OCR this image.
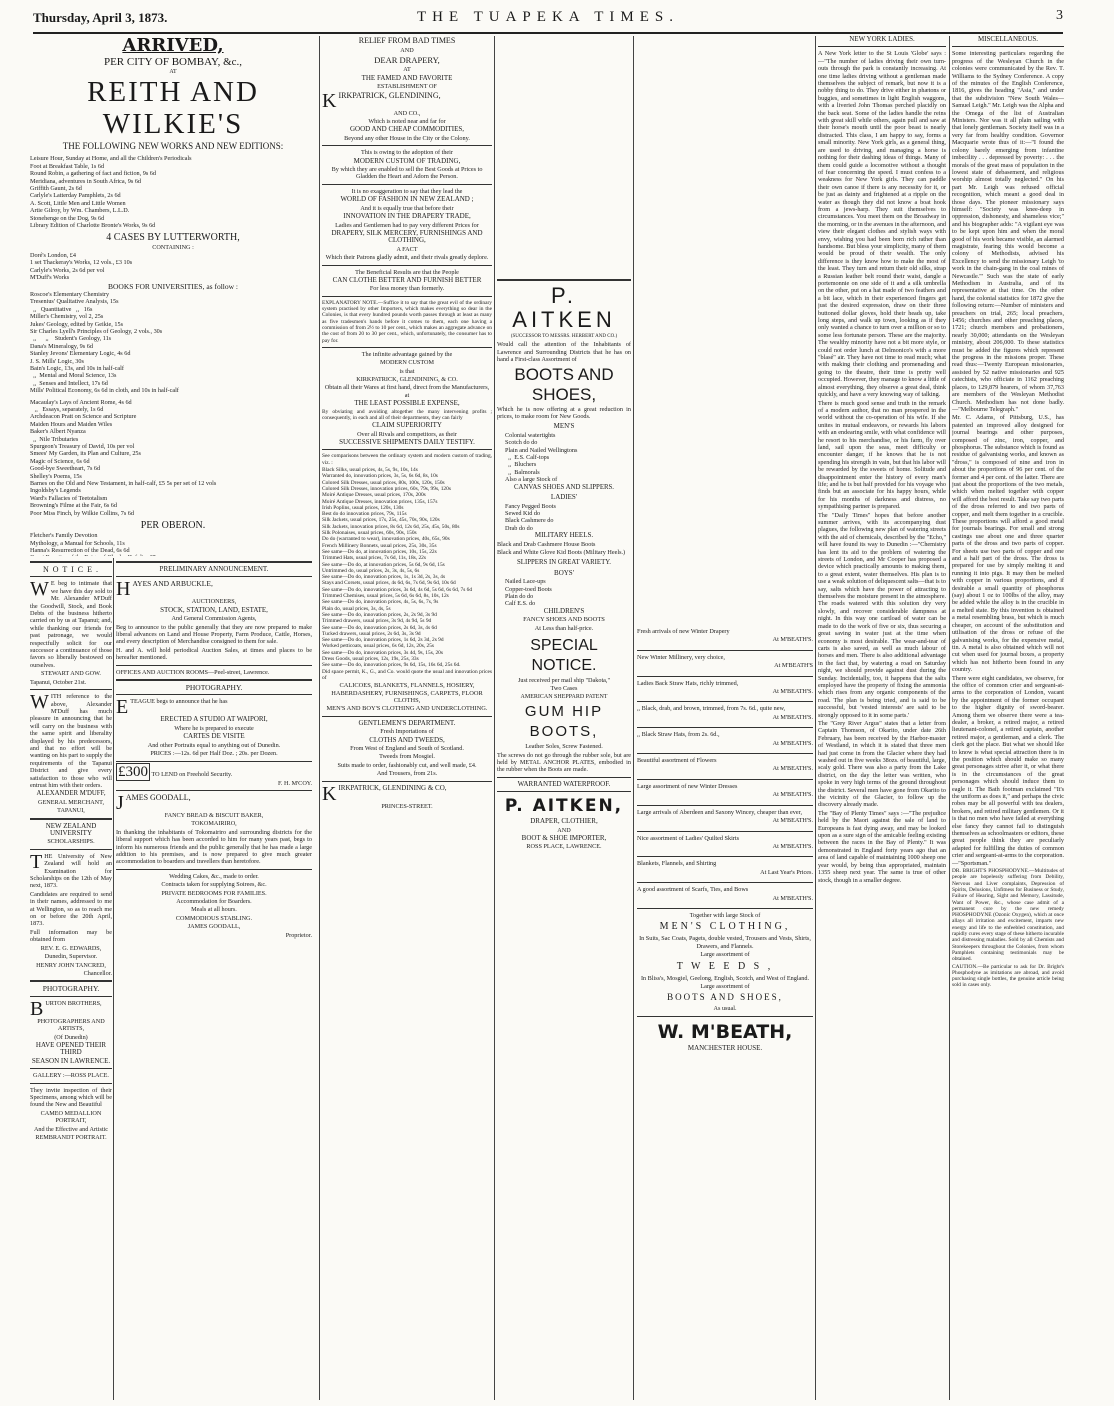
Thursday, April 3, 1873.	THE TUAPEKA TIMES.	3
ARRIVED,
PER CITY OF BOMBAY, &c.,
AT
REITH AND WILKIE'S
THE FOLLOWING NEW WORKS AND NEW EDITIONS:
Leisure Hour, Sunday at Home, and all the Children's Periodicals
Foot at Breakfast Table, 1s 6d
Round Robin, a gathering of fact and fiction, 9s 6d
Meridiana, adventures in South Africa, 9s 6d
Griffith Gaunt, 2s 6d
Carlyle's Latterday Pamphlets, 2s 6d
A. Scott, Little Men and Little Women
Artie Gilroy, by Wm. Chambers, L.L.D.
Stonehenge on the Dog, 9s 6d
Library Edition of Charlotte Bronte's Works, 9s 6d
4 CASES BY LUTTERWORTH,
CONTAINING :
Doré's London, £4
1 set Thackeray's Works, 12 vols., £3 10s
Carlyle's Works, 2s 6d per vol
M'Duff's Works
BOOKS FOR UNIVERSITIES, as follow :
Roscoe's Elementary Chemistry
Tresenius' Qualitative Analysis, 15s
,,   Quantitative   ,,   16s
Miller's Chemistry, vol 2, 25s
Jukes' Geology, edited by Geikie, 15s
Sir Charles Lyell's Principles of Geology, 2 vols., 30s
,,      ,,    Student's Geology, 11s
Dana's Mineralogy, 9s 6d
Stanley Jevons' Elementary Logic, 4s 6d
J. S. Mills' Logic, 30s
Bain's Logic, 13s, and 10s in half-calf
,,  Mental and Moral Science, 13s
,,  Senses and Intellect, 17s 6d
Mills' Political Economy, 6s 6d in cloth, and 10s in half-calf
Macaulay's Lays of Ancient Rome, 4s 6d
,,   Essays, separately, 1s 6d
Archdeacon Pratt on Science and Scripture
Maiden Hours and Maiden Wiles
Baker's Albert Nyanza
,,  Nile Tributaries
Spurgeon's Treasury of David, 10s per vol
Smees' My Garden, its Plan and Culture, 25s
Magic of Science, 6s 6d
Good-bye Sweetheart, 7s 6d
Shelley's Poems, 15s
Barnes on the Old and New Testament, in half-calf, £5 5s per set of 12 vols
Ingoldsby's Legends
Ward's Fallacies of Teetotalism
Browning's Filme at the Fair, 6s 6d
Poor Miss Finch, by Wilkie Collins, 7s 6d
PER OBERON.
Fletcher's Family Devotion
Mythology, a Manual for Schools, 11s
Hanna's Resurrection of the Dead, 6s 6d
N O T I C E .

W E beg to intimate that we have this day sold to Mr. Alexander M'Duff the Goodwill, Stock, and Book Debts of the business hitherto carried on by us at Tapanui; and, while thanking our friends for past patronage, we would respectfully solicit for our successor a continuance of those favors so liberally bestowed on ourselves.

STEWART AND GOW.

Tapanui, October 21st.

WITH reference to the above, Alexander M'Duff has much pleasure in announcing that he will carry on the business with the same spirit and liberality displayed by his predecessors, and that no effort will be wanting on his part to supply the requirements of the Tapanui District and give every satisfaction to those who will entrust him with their orders.

ALEXANDER M'DUFF,

GENERAL MERCHANT,

TAPANUI,

NEW ZEALAND UNIVERSITY

SCHOLARSHIPS.

THE University of New Zealand will hold an Examination for Scholarships on the 12th of May next, 1873.

Candidates are required to send in their names, addressed to me at Wellington, so as to reach me on or before the 20th April, 1873.

Full information may be obtained from

REV. E. G. EDWARDS,

Dunedin, Supervisor.

HENRY JOHN TANCRED,

Chancellor.

PHOTOGRAPHY.

BURTON BROTHERS,

PHOTOGRAPHERS AND ARTISTS,

(Of Dunedin)

HAVE OPENED THEIR THIRD

SEASON IN LAWRENCE.

GALLERY :—ROSS PLACE.

They invite inspection of their Specimens, among which will be found the New and Beautiful

CAMEO MEDALLION PORTRAIT,

And the Effective and Artistic

REMBRANDT PORTRAIT.

PRELIMINARY ANNOUNCEMENT.

HAYES AND ARBUCKLE,

AUCTIONEERS,

STOCK, STATION, LAND, ESTATE,

And General Commission Agents,

Beg to announce to the public generally that they are now prepared to make liberal advances on Land and House Property, Farm Produce, Cattle, Horses, and every description of Merchandise consigned to them for sale.

H. and A. will hold periodical Auction Sales, at times and places to be hereafter mentioned.

OFFICES AND AUCTION ROOMS—Peel-street, Lawrence.

PHOTOGRAPHY.

ETEAGUE begs to announce that he has

ERECTED A STUDIO AT WAIPORI,

Where he is prepared to execute

CARTES DE VISITE

And other Portraits equal to anything out of Dunedin.

PRICES :—12s. 6d per Half Doz. ; 20s. per Dozen.

£300 TO LEND on Freehold Security.

F. H. M'COY.

JAMES GOODALL,

FANCY BREAD & BISCUIT BAKER,

TOKOMAIRIRO,

In thanking the inhabitants of Tokomairiro and surrounding districts for the liberal support which has been accorded to him for many years past, begs to inform his numerous friends and the public generally that he has made a large addition to his premises, and is now prepared to give much greater accommodation to boarders and travellers than heretofore.

Wedding Cakes, &c., made to order.

Contracts taken for supplying Soirees, &c.

PRIVATE BEDROOMS FOR FAMILIES.

Accommodation for Boarders.

Meals at all hours.

COMMODIOUS STABLING.

JAMES GOODALL,

Proprietor.

RELIEF FROM BAD TIMES

AND

DEAR DRAPERY,

AT

THE FAMED AND FAVORITE

ESTABLISHMENT OF

KIRKPATRICK, GLENDINING,

AND CO.,

Which is noted near and far for

GOOD AND CHEAP COMMODITIES,

Beyond any other House in the City or the Colony.

This is owing to the adoption of their

MODERN CUSTOM OF TRADING,

By which they are enabled to sell the Best Goods at Prices to Gladden the Heart and Adorn the Person.

It is no exaggeration to say that they lead the

WORLD OF FASHION IN NEW ZEALAND ;

And it is equally true that before their

INNOVATION IN THE DRAPERY TRADE,

Ladies and Gentlemen had to pay very different Prices for

DRAPERY, SILK MERCERY, FURNISHINGS AND CLOTHING,

A FACT

Which their Patrons gladly admit, and their rivals greatly deplore.

The Beneficial Results are that the People

CAN CLOTHE BETTER AND FURNISH BETTER

For less money than formerly.

EXPLANATORY NOTE.—Suffice it to say that the great evil of the ordinary system practised by other Importers, which makes everything so dear in the Colonies, is that every hundred pounds worth passes through at least as many as five tradesmen's hands before it comes to them, each one having a commission of from 2½ to 10 per cent., which makes an aggregate advance on the cost of from 20 to 30 per cent., which, unfortunately, the consumer has to pay for.

The infinite advantage gained by the

MODERN CUSTOM

is that

KIRKPATRICK, GLENDINING, & CO.

Obtain all their Wares at first hand, direct from the Manufacturers, at

THE LEAST POSSIBLE EXPENSE,

By obviating and avoiding altogether the many intervening profits ; consequently, in each and all of their departments, they can fairly

CLAIM SUPERIORITY

Over all Rivals and competitors, as their

SUCCESSIVE SHIPMENTS DAILY TESTIFY.

See comparisons between the ordinary system and modern custom of trading, viz. :

Black Silks, usual prices, 4s, 5s, 9s, 10s, 14s
Warranted do, innovation prices, 3s, 5s, 6s 6d, 8s, 10s
Colored Silk Dresses, usual prices, 80s, 100s, 120s, 150s
Colored Silk Dresses, innovation prices, 60s, 79s, 99s, 120s
Moiré Antique Dresses, usual prices, 170s, 200s
Moiré Antique Dresses, innovation prices, 135s, 157s
Irish Poplins, usual prices, 120s, 130s
Best do do innovation prices, 79s, 115s
Silk Jackets, usual prices, 17s, 25s, 45s, 70s, 90s, 120s
Silk Jackets, innovation prices, 8s 6d, 12s 6d, 25s, 45s, 50s, 80s
Silk Polonaises, usual prices, 60s, 90s, 150s
Do do (warranted to wear), innovation prices, 40s, 65s, 90s
French Millinery Bonnets, usual prices, 25s, 30s, 35s
See same—Do do, at innovation prices, 10s, 15s, 22s
Trimmed Hats, usual prices, 7s 6d, 11s, 18s, 22s
See same—Do do, at innovation prices, 5s 6d, 9s 6d, 15s
Untrimmed do, usual prices, 2s, 3s, 4s, 5s, 6s
See same—Do do, innovation prices, 1s, 1s 3d, 2s, 3s, 4s
Stays and Corsets, usual prices, 4s 6d, 6s, 7s 6d, 9s 6d, 10s 6d
See same—Do do, innovation prices, 3s 6d, 4s 6d, 5s 6d, 6s 6d, 7s 6d
Trimmed Chemises, usual prices, 5s 6d, 6s 6d, 8s, 10s, 12s
See same—Do do, innovation prices, 4s, 5s, 6s, 7s, 9s
Plain do, usual prices, 3s, 4s, 5s
See same—Do do, innovation prices, 2s, 2s 9d, 3s 9d
Trimmed drawers, usual prices, 3s 9d, 4s 9d, 5s 9d
See same—Do do, innovation prices, 2s 6d, 3s, 4s 6d
Tucked drawers, usual prices, 2s 6d, 3s, 3s 9d
See same—Do do, innovation prices, 1s 6d, 2s 3d, 2s 9d
Worked petticoats, usual prices, 6s 6d, 12s, 20s, 25s
See same—Do do, innovation prices, 3s 4d, 9s, 15s, 20s
Dress Goods, usual prices, 12s, 19s, 25s, 33s
See same—Do do, innovation prices, 9s 6d, 15s, 16s 6d, 25s 6d.

Did space permit, K., G., and Co. would quote the usual and innovation prices of

CALICOES, BLANKETS, FLANNELS, HOSIERY, HABERDASHERY, FURNISHINGS, CARPETS, FLOOR CLOTHS,

MEN'S AND BOY'S CLOTHING AND UNDERCLOTHING.

GENTLEMEN'S DEPARTMENT.

Fresh Importations of

CLOTHS AND TWEEDS,

From West of England and South of Scotland.

Tweeds from Mosgiel.

Suits made to order, fashionably cut, and well made, £4.

And Trousers, from 21s.

KIRKPATRICK, GLENDINING & CO,

PRINCES-STREET.

P. AITKEN

(SUCCESSOR TO MESSRS. HERBERT AND CO.)

Would call the attention of the Inhabitants of Lawrence and Surrounding Districts that he has on hand a First-class Assortment of

BOOTS AND SHOES,

Which he is now offering at a great reduction in prices, to make room for New Goods.

MEN'S

Colonial watertights
Scotch do do
Plain and Nailed Wellingtons
,,  E.S. Calf-tops
,,  Bluchers
,,  Balmorals
Also a large Stock of

CANVAS SHOES AND SLIPPERS.

LADIES'

Fancy Pegged Boots
Sewed Kid do
Black Cashmere do
Drab do do

MILITARY HEELS.

Black and Drab Cashmere House Boots

Black and White Glove Kid Boots (Military Heels.)

SLIPPERS IN GREAT VARIETY.

BOYS'

Nailed Lace-ups
Copper-toed Boots
Plain do do
Calf E.S. do

CHILDREN'S

FANCY SHOES AND BOOTS

At Less than half-price.

SPECIAL NOTICE.

Just received per mail ship "Dakota,"

Two Cases

AMERICAN SHEPPARD PATENT

GUM HIP BOOTS,

Leather Soles, Screw Fastened.

The screws do not go through the rubber sole, but are held by METAL ANCHOR PLATES, embodied in the rubber when the Boots are made.

WARRANTED WATERPROOF.

P. AITKEN,

DRAPER, CLOTHIER,

AND

BOOT & SHOE IMPORTER,

ROSS PLACE, LAWRENCE.

Fresh arrivals of new Winter Drapery

At M'BEATH'S.

New Winter Millinery, very choice,

At M'BEATH'S

Ladies Back Straw Hats, richly trimmed,

At M'BEATH'S.

,, Black, drab, and brown, trimmed, from 7s. 6d., quite new,

At M'BEATH'S.

,, Black Straw Hats, from 2s. 6d.,

At M'BEATH'S.

Beautiful assortment of Flowers

At M'BEATH'S.

Large assortment of new Winter Dresses

At M'BEATH'S.

Large arrivals of Aberdeen and Saxony Wincey, cheaper than ever,

At M'BEATH'S.

Nice assortment of Ladies' Quilted Skirts

At M'BEATH'S.

Blankets, Flannels, and Shirting

At Last Year's Prices.

A good assortment of Scarfs, Ties, and Bows

At M'BEATH'S.

Together with large Stock of

MEN'S CLOTHING,

In Suits, Sac Coats, Pagets, double vested, Trousers and Vests, Shirts, Drawers, and Flannels.

Large assortment of

T W E E D S ,

In Bliss's, Mosgiel, Geelong, English, Scotch, and West of England.

Large assortment of

BOOTS AND SHOES,

As usual.

W. M'BEATH,

MANCHESTER HOUSE.

NEW YORK LADIES.

A New York letter to the St Louis 'Globe' says :—"The number of ladies driving their own turn-outs through the park is constantly increasing. At one time ladies driving without a gentleman made themselves the subject of remark, but now it is a nobby thing to do. They drive either in phætons or buggies, and sometimes in light English waggons, with a liveried John Thomas perched placidly on the back seat. Some of the ladies handle the reins with great skill while others, again pull and saw at their horse's mouth until the poor beast is nearly distracted. This class, I am happy to say, forms a small minority. New York girls, as a general thing, are used to driving, and managing a horse is nothing for their dashing ideas of things. Many of them could guide a locomotive without a thought of fear concerning the speed. I must confess to a weakness for New York girls. They can paddle their own canoe if there is any necessity for it, or be just as dainty and frightened at a ripple on the water as though they did not know a boat hook from a jews-harp. They suit themselves to circumstances. You meet them on the Broadway in the morning, or in the avenues in the afternoon, and view their elegant clothes and stylish ways with envy, wishing you had been born rich rather than handsome. But bless your simplicity, many of them would be proud of their wealth. The only difference is they know how to make the most of the least. They turn and return their old silks, strap a Russian leather belt round their waist, dangle a portemonnie on one side of it and a silk umbrella on the other, put on a hat made of two feathers and a bit lace, which in their experienced fingers get just the desired expression, draw on their three buttoned dollar gloves, hold their heads up, take long steps, and walk up town, looking as if they only wanted a chance to turn over a million or so to some less fortunate person. These are the majority. The wealthy minority have not a bit more style, or could not order lunch at Delmonico's with a more "blasé" air. They have not time to read much; what with making their clothing and promenading and going to the theatre, their time is pretty well occupied. However, they manage to know a little of almost everything, they observe a great deal, think quickly, and have a very knowing way of talking.

There is much good sense and truth in the remark of a modern author, that no man prospered in the world without the co-operation of his wife. If she unites in mutual endeavors, or rewards his labors with an endearing smile, with what confidence will he resort to his merchandise, or his farm, fly over land, sail upon the seas, meet difficulty or encounter danger, if he knows that he is not spending his strength in vain, but that his labor will be rewarded by the sweets of home. Solitude and disappointment enter the history of every man's life; and he is but half provided for his voyage who finds but an associate for his happy hours, while for his months of darkness and distress, no sympathising partner is prepared.

The "Daily Times" hopes that before another summer arrives, with its accompanying dust plagues, the following new plan of watering streets with the aid of chemicals, described by the "Echo," will have found its way to Dunedin :—"Chemistry has lent its aid to the problem of watering the streets of London, and Mr Cooper has proposed a device which practically amounts to making them, to a great extent, water themselves. His plan is to use a weak solution of deliquescent salts—that is to say, salts which have the power of attracting to themselves the moisture present in the atmosphere. The roads watered with this solution dry very slowly, and recover considerable dampness at night. In this way one cartload of water can be made to do the work of five or six, thus securing a great saving in water just at the time when economy is most desirable. The wear-and-tear of carts is also saved, as well as much labour of horses and men. There is also additional advantage in the fact that, by watering a road on Saturday night, we should provide against dust during the Sunday. Incidentally, too, it happens that the salts employed have the property of fixing the ammonia which rises from any organic components of the road. The plan is being tried, and is said to be successful, but 'vested interests' are said to be strongly opposed to it in some parts.'

The "Grey River Argus" states that a letter from Captain Thomson, of Okarito, under date 26th February, has been received by the Harbor-master of Westland, in which it is stated that three men had just come in from the Glacier where they had washed out in five weeks 38ozs. of beautiful, large, scaly gold. There was also a party from the Lake district, on the day the letter was written, who spoke in very high terms of the ground throughout the district. Several men have gone from Okarito to the vicinity of the Glacier, to follow up the discovery already made.

The "Bay of Plenty Times" says :—"The prejudice held by the Maori against the sale of land to Europeans is fast dying away, and may be looked upon as a sure sign of the amicable feeling existing between the races in the Bay of Plenty." It was demonstrated in England forty years ago that an area of land capable of maintaining 1000 sheep one year would, by being thus appropriated, maintain 1355 sheep next year. The same is true of other stock, though in a smaller degree.

MISCELLANEOUS.

Some interesting particulars regarding the progress of the Wesleyan Church in the colonies were communicated by the Rev. T. Williams to the Sydney Conference. A copy of the minutes of the English Conference, 1816, gives the heading "Asia," and under that the subdivision "New South Wales—Samuel Leigh." Mr. Leigh was the Alpha and the Omega of the list of Australian Ministers. Nor was it all plain sailing with that lonely gentleman. Society itself was in a very far from healthy condition. Governor Macquarie wrote thus of it:—"I found the colony barely emerging from infantine imbecility . . . depressed by poverty: . . . the morals of the great mass of population in the lowest state of debasement, and religious worship almost totally neglected." On his part Mr. Leigh was refused official recognition, which meant a good deal in those days. The pioneer missionary says himself: "Society was knee-deep in oppression, dishonesty, and shameless vice;" and his biographer adds: "A vigilant eye was to be kept upon him and when the moral good of his work became visible, an alarmed magistrate, fearing this would become a colony of Methodists, advised his Excellency to send the missionary Leigh 'to work in the chain-gang in the coal mines of Newcastle.'" Such was the state of early Methodism in Australia, and of its representative at that time. On the other hand, the colonial statistics for 1872 give the following return:—Number of ministers and preachers on trial, 265; local preachers, 1456; churches and other preaching places, 1721; church members and probationers, nearly 30,000; attendants on the Wesleyan ministry, about 206,000. To these statistics must be added the figures which represent the progress in the missions proper. These read thus:—Twenty European missionaries, assisted by 52 native missionaries and 925 catechists, who officiate in 1162 preaching places, to 129,879 hearers, of whom 37,763 are members of the Wesleyan Methodist Church. Methodism has not done badly.—"Melbourne Telegraph."

Mr. C. Adams, of Pittsburg, U.S., has patented an improved alloy designed for journal bearings and other purposes, composed of zinc, iron, copper, and phosphorus. The substance which is found as residue of galvanising works, and known as "dross," is composed of nine and iron in about the proportions of 96 per cent. of the former and 4 per cent. of the latter. There are just about the proportions of the two metals, which when melted together with copper will afford the best result. Take say two parts of the dross referred to and two parts of copper, and melt them together in a crucible. These proportions will afford a good metal for journals bearings. For small and strong castings use about one and three quarter parts of the dross and two parts of copper. For sheets use two parts of copper and one and a half part of the dross. The dross is prepared for use by simply melting it and running it into pigs. It may then be melted with copper in various proportions, and if desirable a small quantity of phosphorus (say) about 1 oz to 100lbs of the alloy, may be added while the alloy is in the crucible in a melted state. By this invention is obtained a metal resembling brass, but which is much cheaper, on account of the substitution and utilisation of the dross or refuse of the galvanising works, for the expensive metal, tin. A metal is also obtained which will not cut when used for journal boxes, a property which has not hitherto been found in any country.

There were eight candidates, we observe, for the office of common crier and sergeant-at-arms to the corporation of London, vacant by the appointment of the former occupant to the higher dignity of sword-bearer. Among them we observe there were a tea-dealer, a broker, a retired major, a retired lieutenant-colonel, a retired captain, another retired major, a gentleman, and a clerk. The clerk got the place. But what we should like to know is what special attraction there is in the position which should make so many great personages strive after it, or what there is in the circumstances of the great personages which should induce them to eagle it. The Bath footman exclaimed "It's the uniform as does it," and perhaps the civic robes may be all powerful with tea dealers, brokers, and retired military gentlemen. Or it is that no men who have failed at everything else fancy they cannot fail to distinguish themselves as schoolmasters or editors, these great people think they are peculiarly adapted for fulfilling the duties of common crier and sergeant-at-arms to the corporation.—"Sportsman."

DR. BRIGHT'S PHOSPHODYNE.—Multitudes of people are hopelessly suffering from Debility, Nervous and Liver complaints, Depression of Spirits, Delusions, Unfitness for Business or Study, Failure of Hearing, Sight and Memory, Lassitude, Want of Power, &c., whose case admit of a permanent cure by the new remedy PHOSPHODYNE (Ozonic Oxygen), which at once allays all irritation and excitement, imparts new energy and life to the enfeebled constitution, and rapidly cures every stage of these hitherto incurable and distressing maladies. Sold by all Chemists and Storekeepers throughout the Colonies, from whom Pamphlets containing testimonials may be obtained.

CAUTION.—Be particular to ask for Dr. Bright's Phosphodyne as imitations are abroad, and avoid purchasing single bottles, the genuine article being sold in cases only.
